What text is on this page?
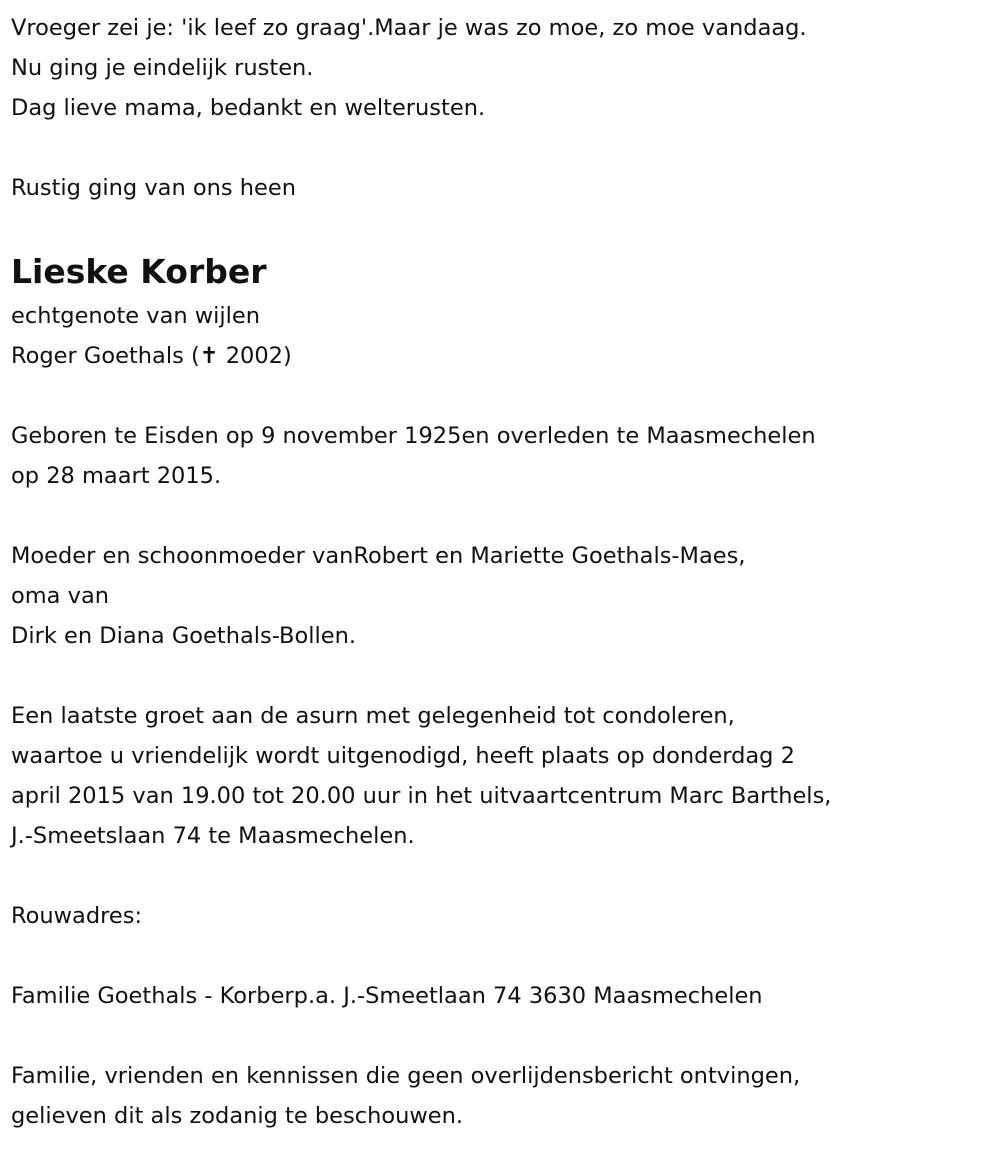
Vroeger zei je: 'ik leef zo graag'.Maar je was zo moe, zo moe vandaag.
Nu ging je eindelijk rusten.
Dag lieve mama, bedankt en welterusten.
Rustig ging van ons heen
Lieske Korber
echtgenote van wijlen
Roger Goethals (✝ 2002)
Geboren te Eisden op 9 november 1925en overleden te Maasmechelen
op 28 maart 2015.
Moeder en schoonmoeder vanRobert en Mariette Goethals-Maes,
oma van
Dirk en Diana Goethals-Bollen.
Een laatste groet aan de asurn met gelegenheid tot condoleren,
waartoe u vriendelijk wordt uitgenodigd, heeft plaats op donderdag 2
april 2015 van 19.00 tot 20.00 uur in het uitvaartcentrum Marc Barthels,
J.-Smeetslaan 74 te Maasmechelen.
Rouwadres:
Familie Goethals - Korberp.a. J.-Smeetlaan 74 3630 Maasmechelen
Familie, vrienden en kennissen die geen overlijdensbericht ontvingen,
gelieven dit als zodanig te beschouwen.
